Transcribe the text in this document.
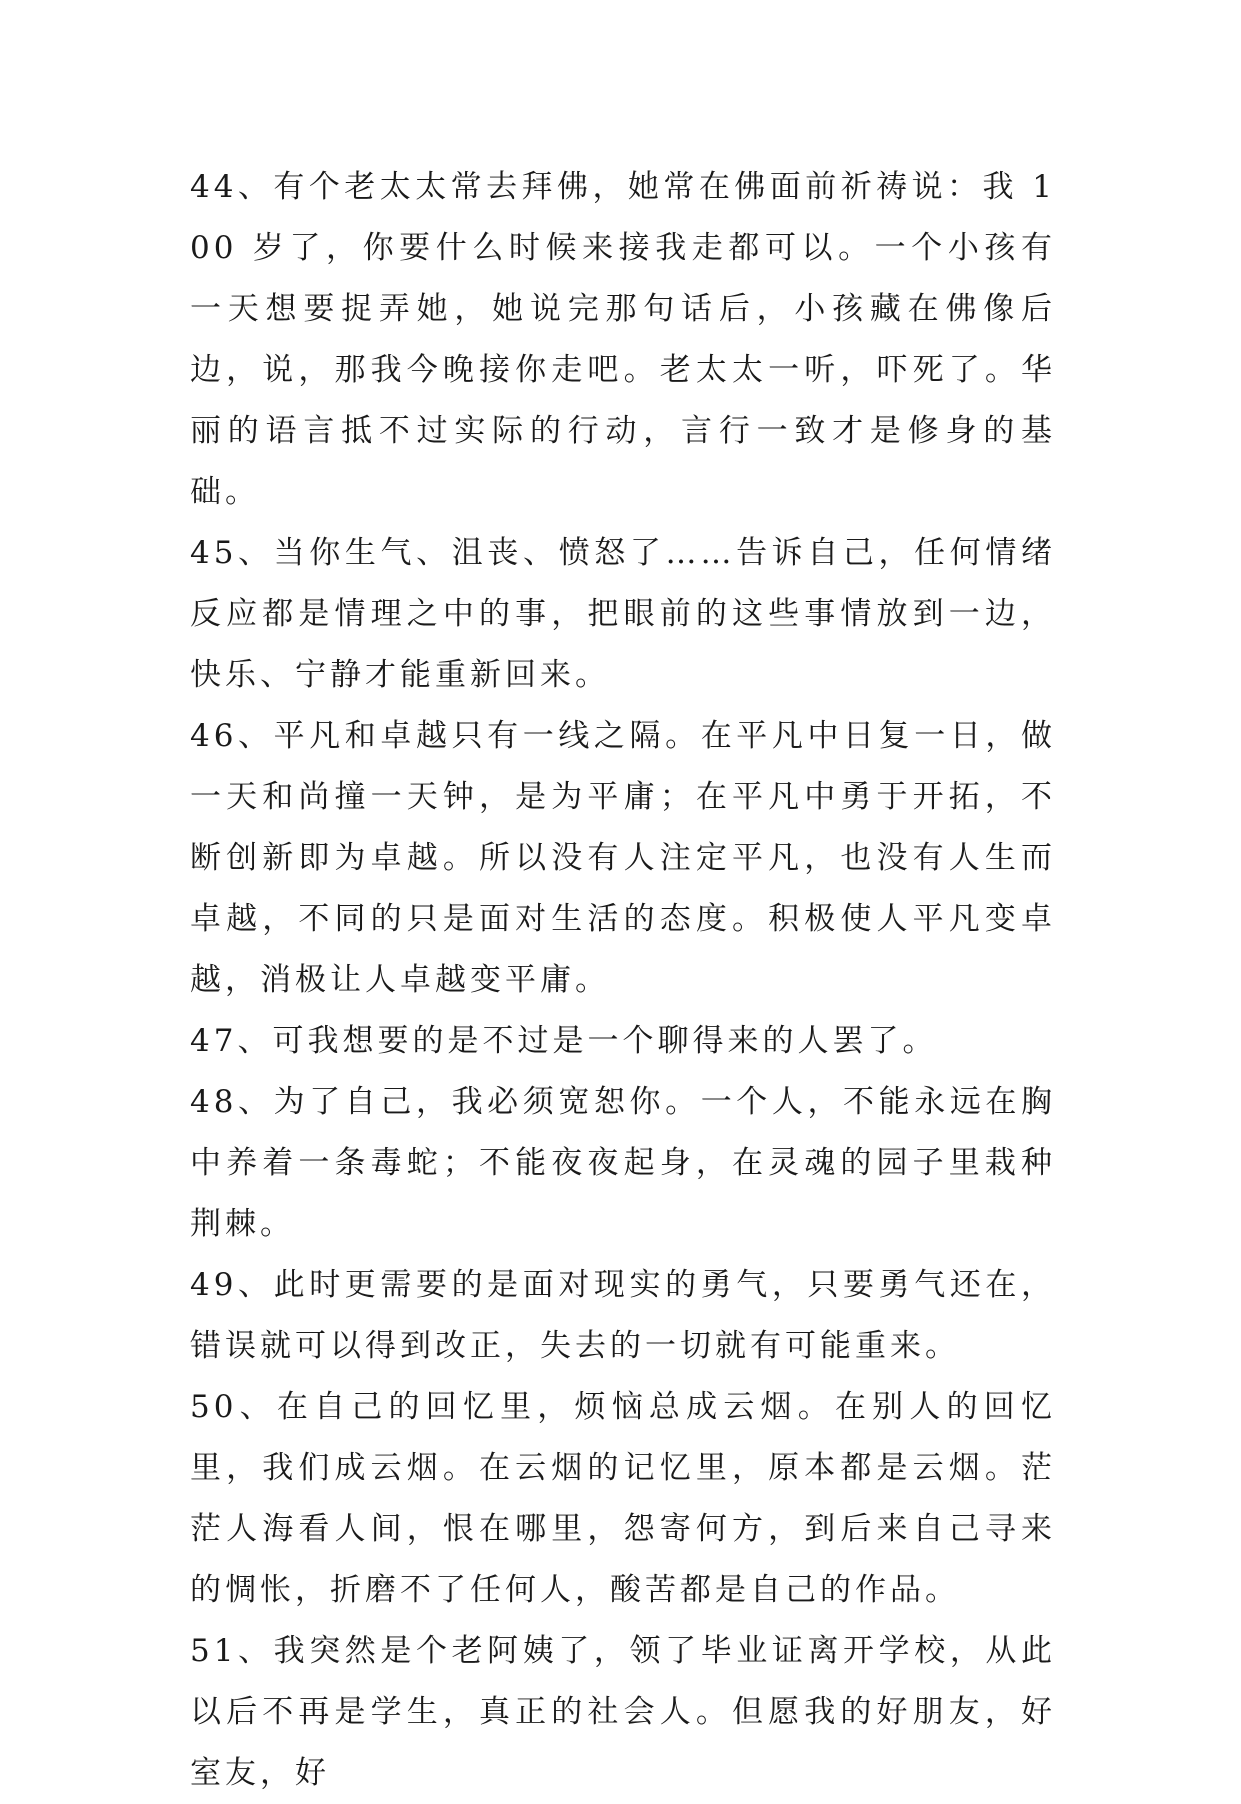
44、有个老太太常去拜佛，她常在佛面前祈祷说：我 100 岁了，你要什么时候来接我走都可以。一个小孩有一天想要捉弄她，她说完那句话后，小孩藏在佛像后边，说，那我今晚接你走吧。老太太一听，吓死了。华丽的语言抵不过实际的行动，言行一致才是修身的基础。

45、当你生气、沮丧、愤怒了……告诉自己，任何情绪反应都是情理之中的事，把眼前的这些事情放到一边，快乐、宁静才能重新回来。

46、平凡和卓越只有一线之隔。在平凡中日复一日，做一天和尚撞一天钟，是为平庸；在平凡中勇于开拓，不断创新即为卓越。所以没有人注定平凡，也没有人生而卓越，不同的只是面对生活的态度。积极使人平凡变卓越，消极让人卓越变平庸。

47、可我想要的是不过是一个聊得来的人罢了。

48、为了自己，我必须宽恕你。一个人，不能永远在胸中养着一条毒蛇；不能夜夜起身，在灵魂的园子里栽种荆棘。

49、此时更需要的是面对现实的勇气，只要勇气还在，错误就可以得到改正，失去的一切就有可能重来。

50、在自己的回忆里，烦恼总成云烟。在别人的回忆里，我们成云烟。在云烟的记忆里，原本都是云烟。茫茫人海看人间，恨在哪里，怨寄何方，到后来自己寻来的惆怅，折磨不了任何人，酸苦都是自己的作品。

51、我突然是个老阿姨了，领了毕业证离开学校，从此以后不再是学生，真正的社会人。但愿我的好朋友，好室友，好
